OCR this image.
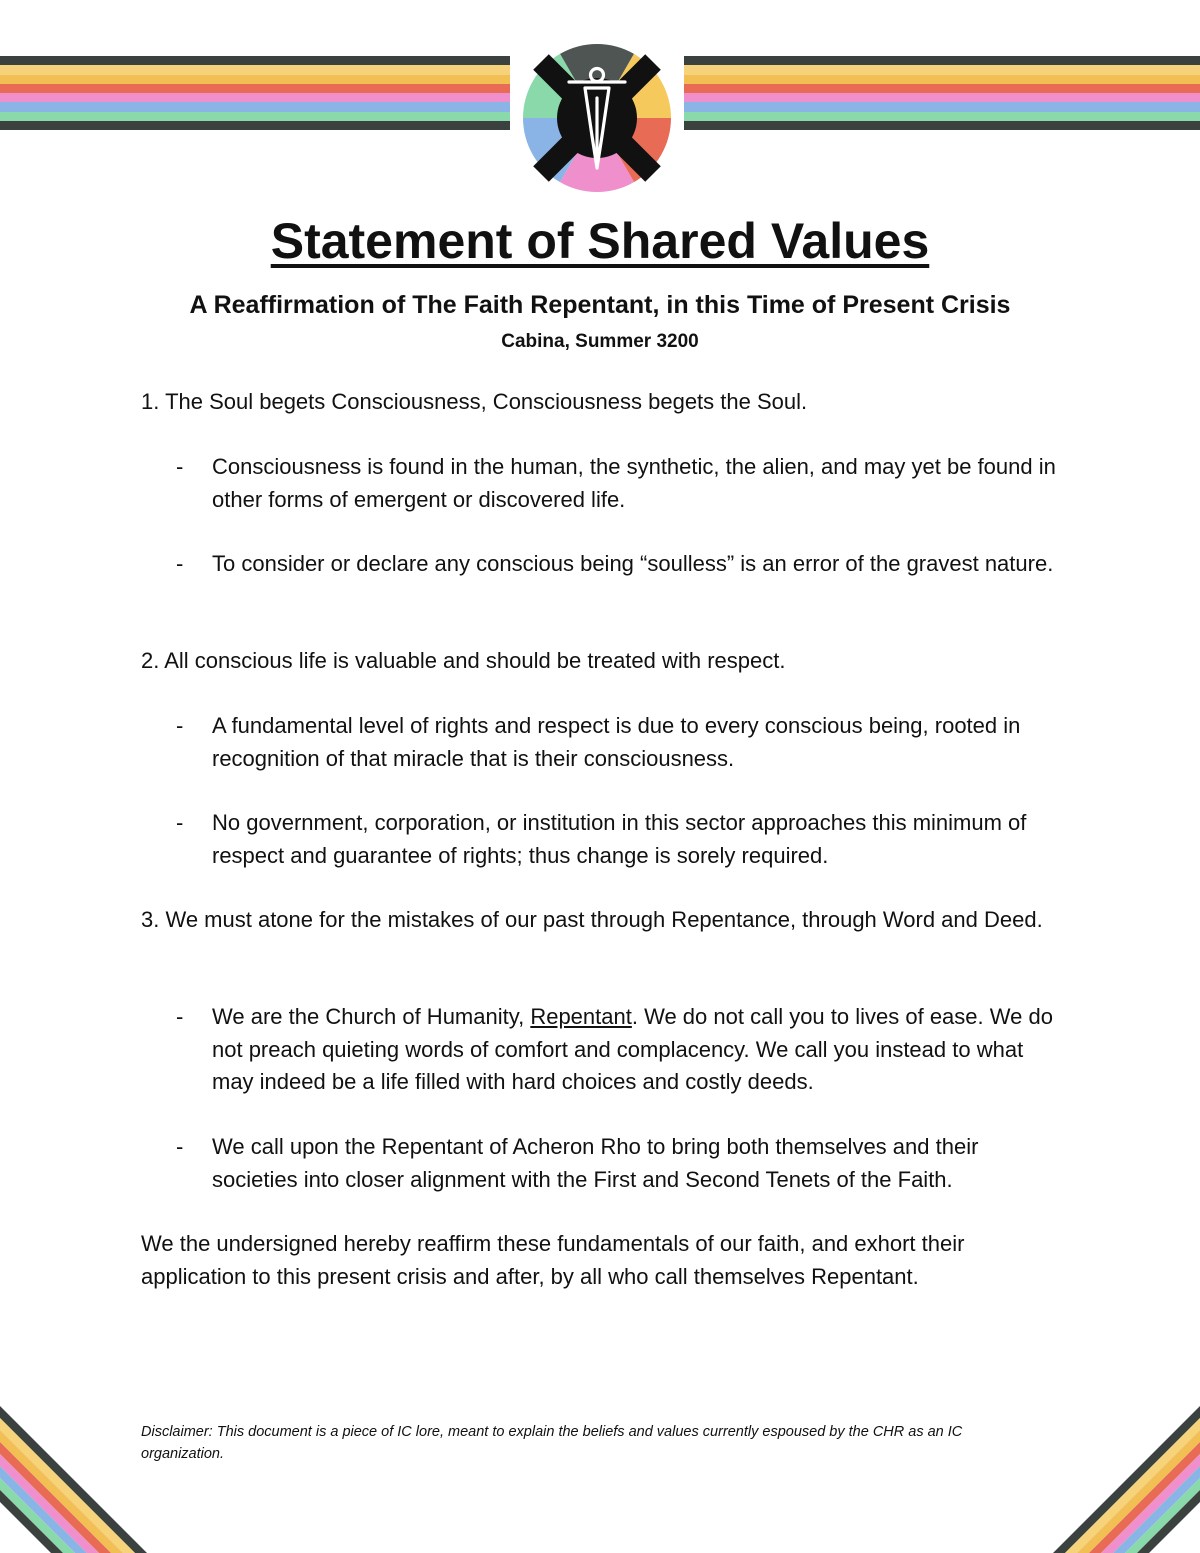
Statement of Shared Values
A Reaffirmation of The Faith Repentant, in this Time of Present Crisis

Cabina, Summer 3200

1. The Soul begets Consciousness, Consciousness begets the Soul.

-	Consciousness is found in the human, the synthetic, the alien, and may yet be found in other forms of emergent or discovered life.
-	To consider or declare any conscious being “soulless” is an error of the gravest nature.

2. All conscious life is valuable and should be treated with respect.

-	A fundamental level of rights and respect is due to every conscious being, rooted in recognition of that miracle that is their consciousness.
-	No government, corporation, or institution in this sector approaches this minimum of respect and guarantee of rights; thus change is sorely required.

3. We must atone for the mistakes of our past through Repentance, through Word and Deed.

-	We are the Church of Humanity, Repentant. We do not call you to lives of ease. We do not preach quieting words of comfort and complacency. We call you instead to what may indeed be a life filled with hard choices and costly deeds.
-	We call upon the Repentant of Acheron Rho to bring both themselves and their societies into closer alignment with the First and Second Tenets of the Faith.

We the undersigned hereby reaffirm these fundamentals of our faith, and exhort their application to this present crisis and after, by all who call themselves Repentant.

Disclaimer: This document is a piece of IC lore, meant to explain the beliefs and values currently espoused by the CHR as an IC organization.
